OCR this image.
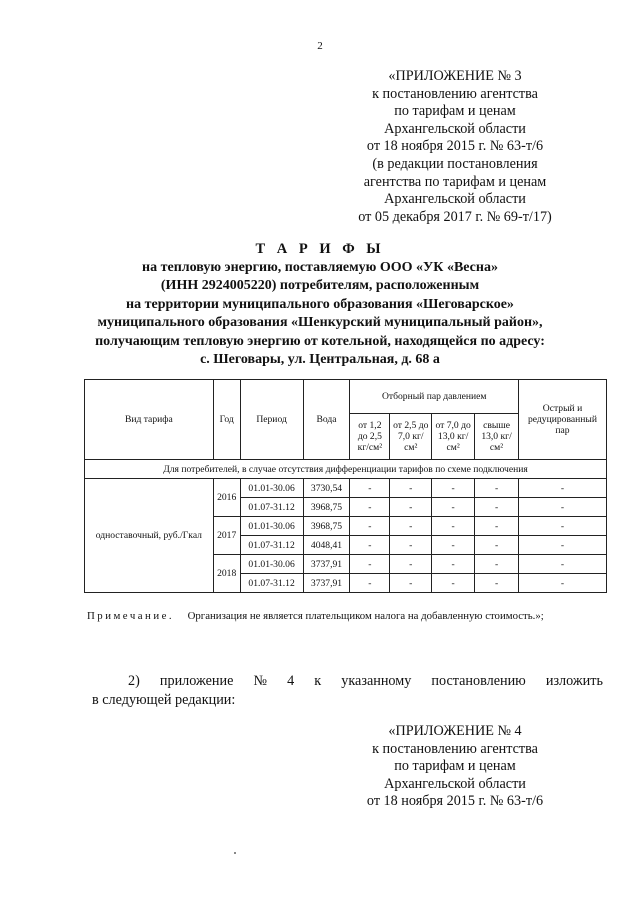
2
«ПРИЛОЖЕНИЕ № 3
к постановлению агентства
по тарифам и ценам
Архангельской области
от 18 ноября 2015 г. № 63-т/6
(в редакции постановления
агентства по тарифам и ценам
Архангельской области
от 05 декабря 2017 г. № 69-т/17)
Т А Р И Ф Ы
на тепловую энергию, поставляемую ООО «УК «Весна»
(ИНН 2924005220) потребителям, расположенным
на территории муниципального образования «Шеговарское»
муниципального образования «Шенкурский муниципальный район»,
получающим тепловую энергию от котельной, находящейся по адресу:
с. Шеговары, ул. Центральная, д. 68 а
Вид тарифа	Год	Период	Вода	Отборный пар давлением				Острый и редуцированный пар
				от 1,2 до 2,5 кг/см²	от 2,5 до 7,0 кг/см²	от 7,0 до 13,0 кг/см²	свыше 13,0 кг/см²	
Для потребителей, в случае отсутствия дифференциации тарифов по схеме подключения								
одноставочный, руб./Гкал	2016	01.01-30.06	3730,54	-	-	-	-	-
		01.07-31.12	3968,75	-	-	-	-	-
	2017	01.01-30.06	3968,75	-	-	-	-	-
		01.07-31.12	4048,41	-	-	-	-	-
	2018	01.01-30.06	3737,91	-	-	-	-	-
		01.07-31.12	3737,91	-	-	-	-	-
Примечание. Организация не является плательщиком налога на добавленную стоимость.»;
2) приложение № 4 к указанному постановлению изложить
в следующей редакции:
«ПРИЛОЖЕНИЕ № 4
к постановлению агентства
по тарифам и ценам
Архангельской области
от 18 ноября 2015 г. № 63-т/6
